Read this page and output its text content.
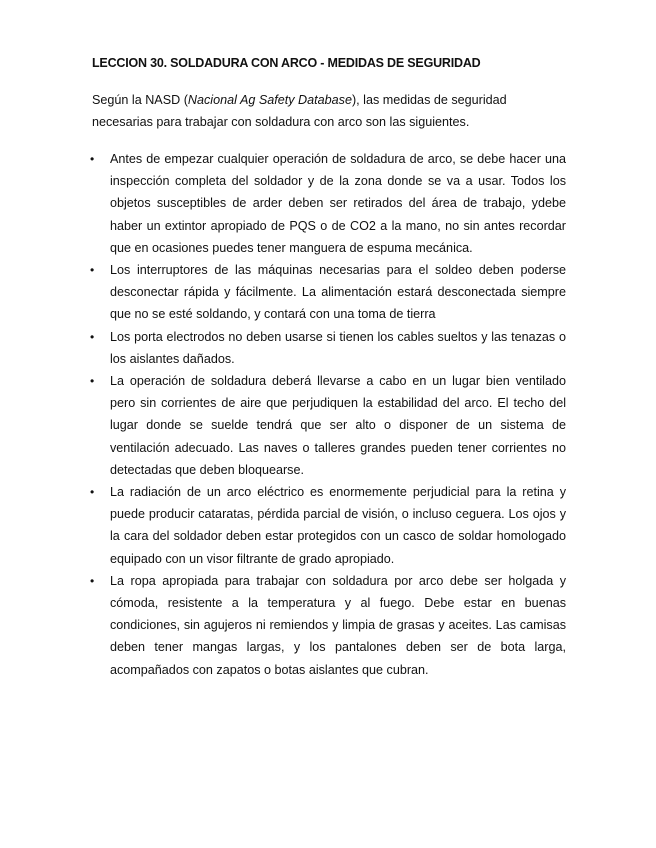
LECCION 30. SOLDADURA CON ARCO - MEDIDAS DE SEGURIDAD

Según la NASD (Nacional Ag Safety Database), las medidas de seguridad necesarias para trabajar con soldadura con arco son las siguientes.

• Antes de empezar cualquier operación de soldadura de arco, se debe hacer una inspección completa del soldador y de la zona donde se va a usar. Todos los objetos susceptibles de arder deben ser retirados del área de trabajo, ydebe haber un extintor apropiado de PQS o de CO2 a la mano, no sin antes recordar que en ocasiones puedes tener manguera de espuma mecánica.
• Los interruptores de las máquinas necesarias para el soldeo deben poderse desconectar rápida y fácilmente. La alimentación estará desconectada siempre que no se esté soldando, y contará con una toma de tierra
• Los porta electrodos no deben usarse si tienen los cables sueltos y las tenazas o los aislantes dañados.
• La operación de soldadura deberá llevarse a cabo en un lugar bien ventilado pero sin corrientes de aire que perjudiquen la estabilidad del arco. El techo del lugar donde se suelde tendrá que ser alto o disponer de un sistema de ventilación adecuado. Las naves o talleres grandes pueden tener corrientes no detectadas que deben bloquearse.
• La radiación de un arco eléctrico es enormemente perjudicial para la retina y puede producir cataratas, pérdida parcial de visión, o incluso ceguera. Los ojos y la cara del soldador deben estar protegidos con un casco de soldar homologado equipado con un visor filtrante de grado apropiado.
• La ropa apropiada para trabajar con soldadura por arco debe ser holgada y cómoda, resistente a la temperatura y al fuego. Debe estar en buenas condiciones, sin agujeros ni remiendos y limpia de grasas y aceites. Las camisas deben tener mangas largas, y los pantalones deben ser de bota larga, acompañados con zapatos o botas aislantes que cubran.
